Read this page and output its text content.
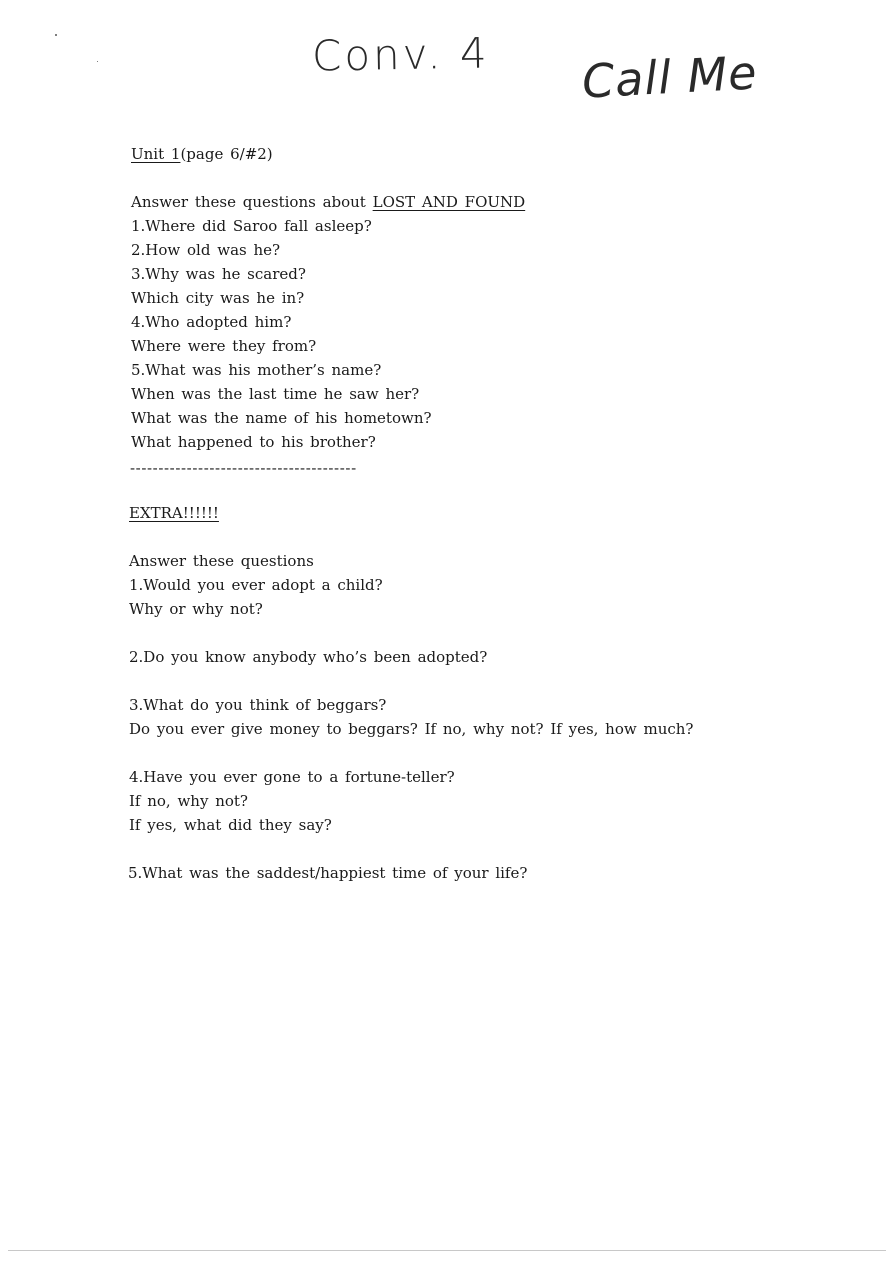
Conv. 4 Call Me
Unit 1(page 6/#2)
Answer these questions about LOST AND FOUND
1.Where did Saroo fall asleep?
2.How old was he?
3.Why was he scared?
Which city was he in?
4.Who adopted him?
Where were they from?
5.What was his mother’s name?
When was the last time he saw her?
What was the name of his hometown?
What happened to his brother?
----------------------------------------
EXTRA!!!!!!
Answer these questions
1.Would you ever adopt a child?
Why or why not?
2.Do you know anybody who’s been adopted?
3.What do you think of beggars?
Do you ever give money to beggars? If no, why not? If yes, how much?
4.Have you ever gone to a fortune-teller?
If no, why not?
If yes, what did they say?
5.What was the saddest/happiest time of your life?
